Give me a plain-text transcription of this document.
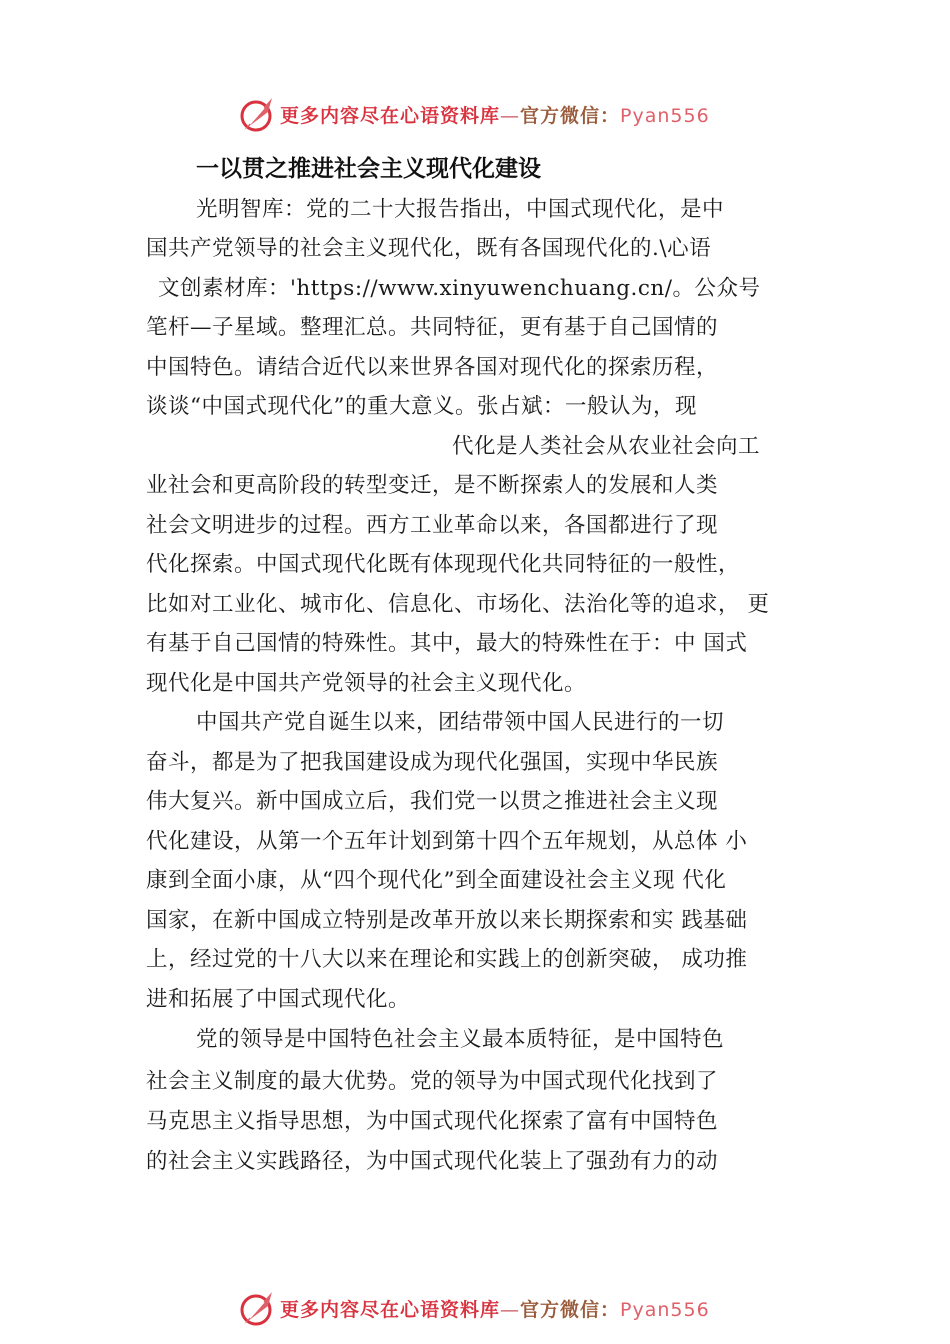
更多内容尽在心语资料库—官方微信：Pyan556
一以贯之推进社会主义现代化建设
光明智库：党的二十大报告指出，中国式现代化，是中
国共产党领导的社会主义现代化，既有各国现代化的.\心语
文创素材库：'https://www.xinyuwenchuang.cn/。公众号
笔杆—子星域。整理汇总。共同特征，更有基于自己国情的
中国特色。请结合近代以来世界各国对现代化的探索历程，
谈谈“中国式现代化”的重大意义。张占斌：一般认为，现
代化是人类社会从农业社会向工
业社会和更高阶段的转型变迁，是不断探索人的发展和人类
社会文明进步的过程。西方工业革命以来，各国都进行了现
代化探索。中国式现代化既有体现现代化共同特征的一般性，
比如对工业化、城市化、信息化、市场化、法治化等的追求， 更
有基于自己国情的特殊性。其中，最大的特殊性在于：中 国式
现代化是中国共产党领导的社会主义现代化。
中国共产党自诞生以来，团结带领中国人民进行的一切
奋斗，都是为了把我国建设成为现代化强国，实现中华民族
伟大复兴。新中国成立后，我们党一以贯之推进社会主义现
代化建设，从第一个五年计划到第十四个五年规划，从总体 小
康到全面小康，从“四个现代化”到全面建设社会主义现 代化
国家，在新中国成立特别是改革开放以来长期探索和实 践基础
上，经过党的十八大以来在理论和实践上的创新突破， 成功推
进和拓展了中国式现代化。
党的领导是中国特色社会主义最本质特征，是中国特色
社会主义制度的最大优势。党的领导为中国式现代化找到了
马克思主义指导思想，为中国式现代化探索了富有中国特色
的社会主义实践路径，为中国式现代化装上了强劲有力的动
更多内容尽在心语资料库—官方微信：Pyan556
